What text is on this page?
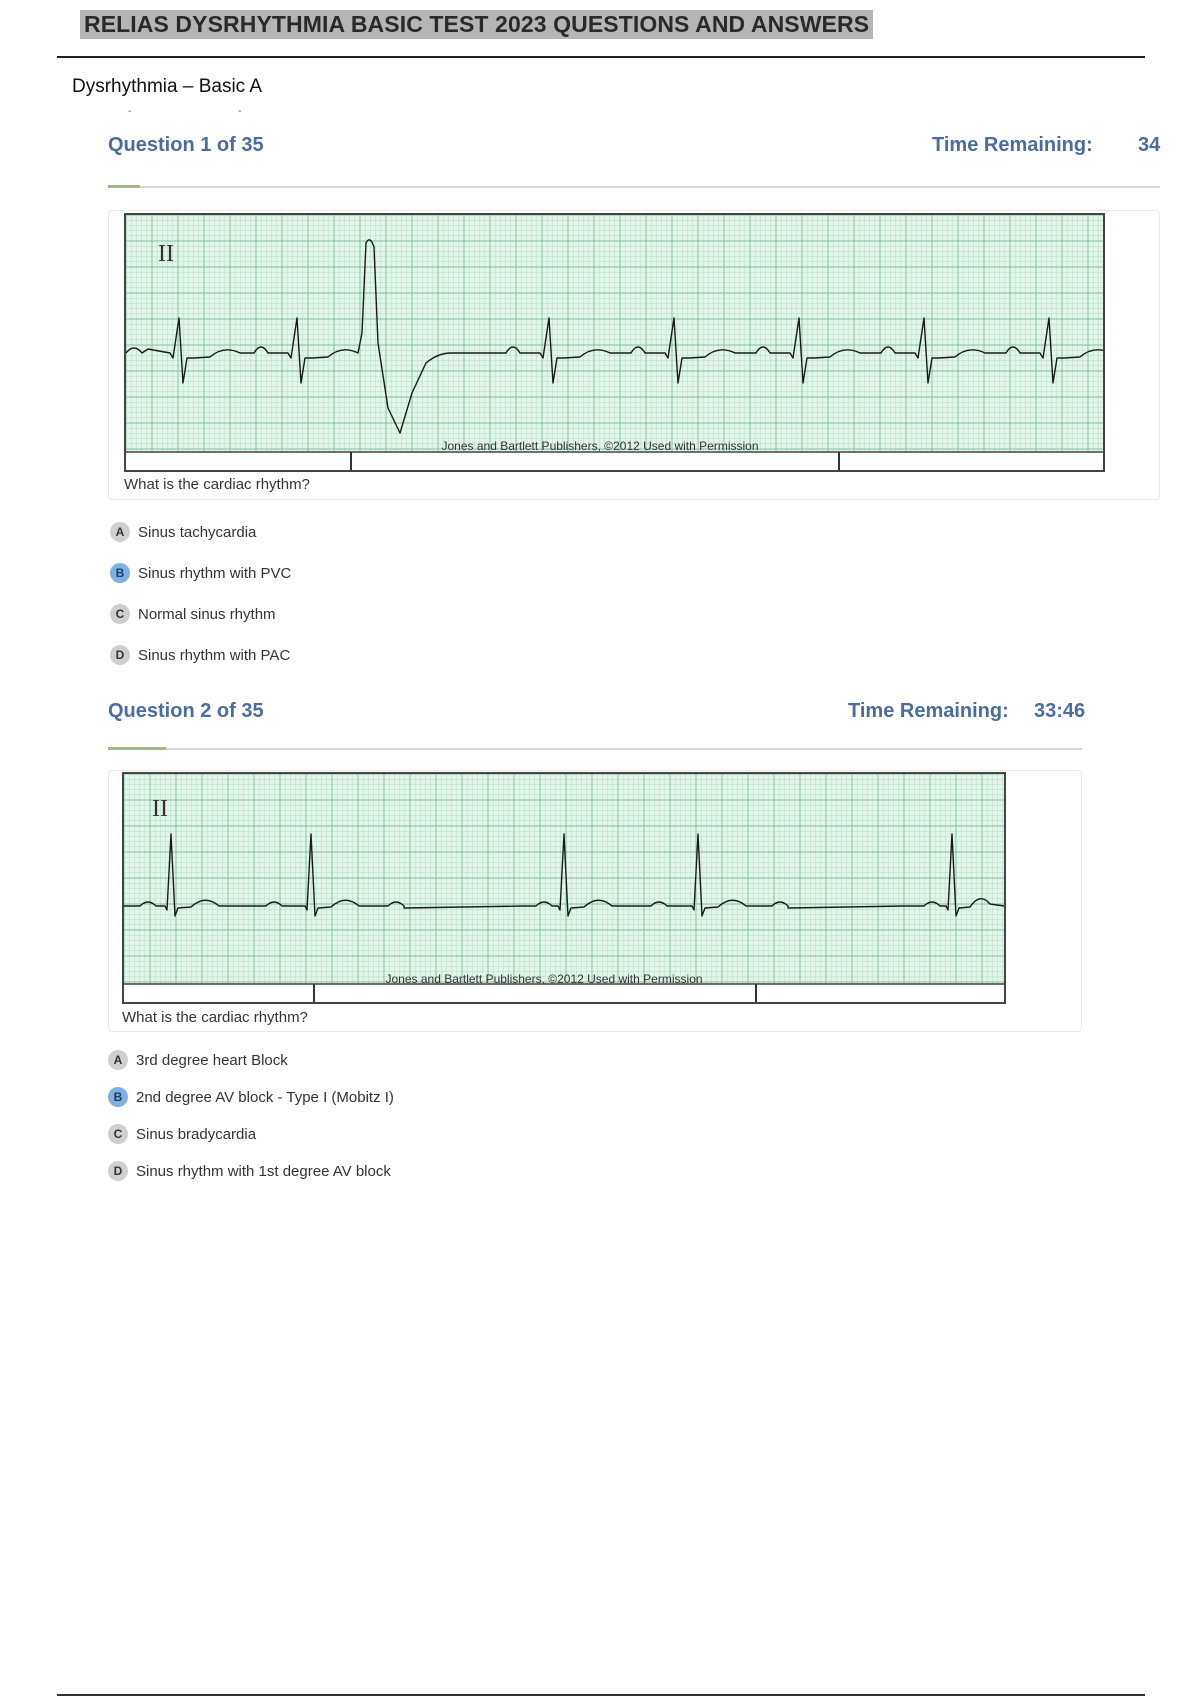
RELIAS DYSRHYTHMIA BASIC TEST 2023 QUESTIONS AND ANSWERS
Dysrhythmia – Basic A
- -
Question 1 of 35	Time Remaining: 34
II
Jones and Bartlett Publishers, ©2012 Used with Permission
What is the cardiac rhythm?
A Sinus tachycardia
B Sinus rhythm with PVC
C Normal sinus rhythm
D Sinus rhythm with PAC
Question 2 of 35	Time Remaining: 33:46
II
Jones and Bartlett Publishers, ©2012 Used with Permission
What is the cardiac rhythm?
A 3rd degree heart Block
B 2nd degree AV block - Type I (Mobitz I)
C Sinus bradycardia
D Sinus rhythm with 1st degree AV block
